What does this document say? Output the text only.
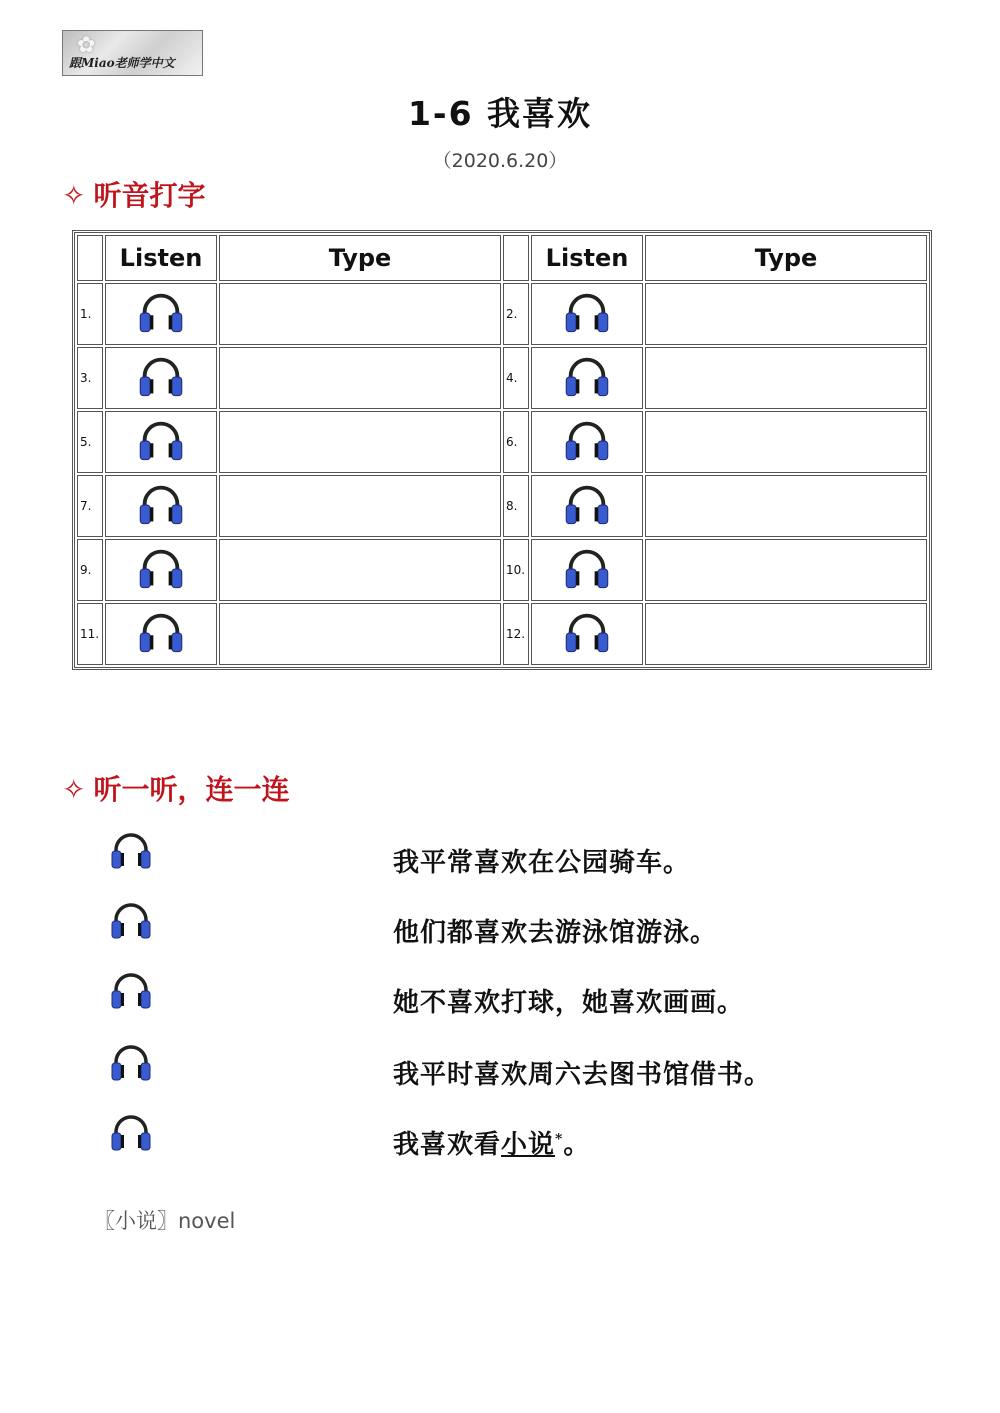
✿
跟Miao老师学中文
1-6 我喜欢
（2020.6.20）
✧ 听音打字
	Listen	Type		Listen	Type
1.			2.		
3.			4.		
5.			6.		
7.			8.		
9.			10.		
11.			12.		
✧ 听一听，连一连
我平常喜欢在公园骑车。
他们都喜欢去游泳馆游泳。
她不喜欢打球，她喜欢画画。
我平时喜欢周六去图书馆借书。
我喜欢看小说*。
〖小说〗novel
